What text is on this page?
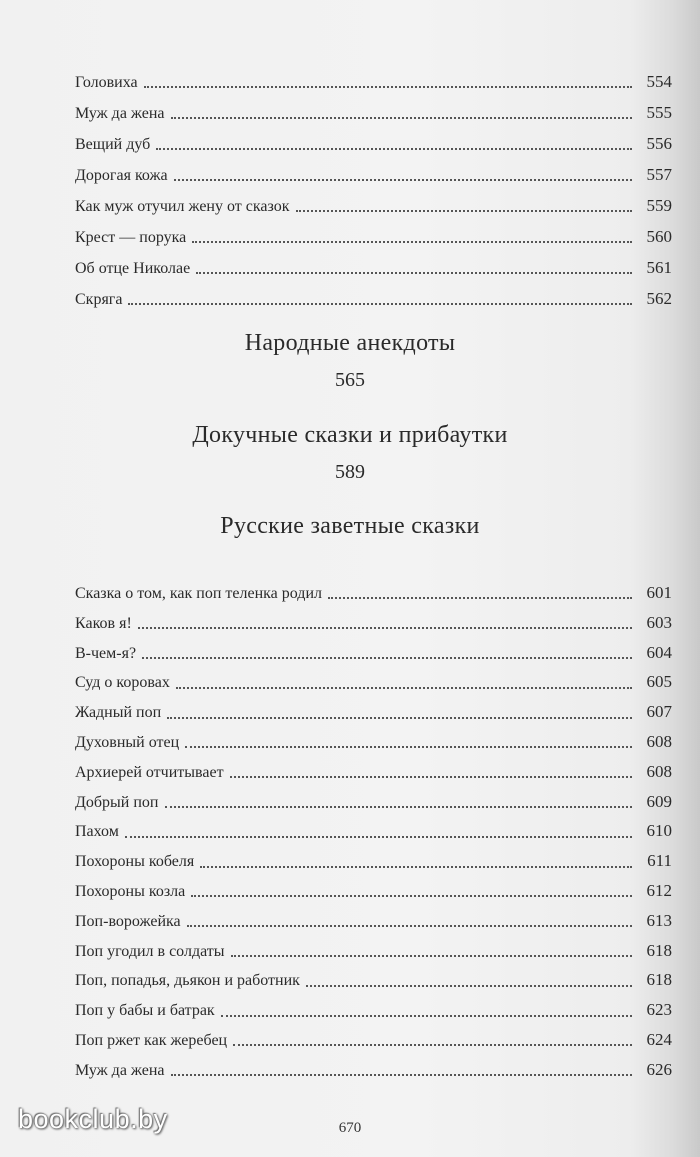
Головиха	554
Муж да жена	555
Вещий дуб	556
Дорогая кожа	557
Как муж отучил жену от сказок	559
Крест — порука	560
Об отце Николае	561
Скряга	562
Народные анекдоты
565
Докучные сказки и прибаутки
589
Русские заветные сказки
Сказка о том, как поп теленка родил	601
Каков я!	603
В-чем-я?	604
Суд о коровах	605
Жадный поп	607
Духовный отец	608
Архиерей отчитывает	608
Добрый поп	609
Пахом	610
Похороны кобеля	611
Похороны козла	612
Поп-ворожейка	613
Поп угодил в солдаты	618
Поп, попадья, дьякон и работник	618
Поп у бабы и батрак	623
Поп ржет как жеребец	624
Муж да жена	626
670
bookclub.by
